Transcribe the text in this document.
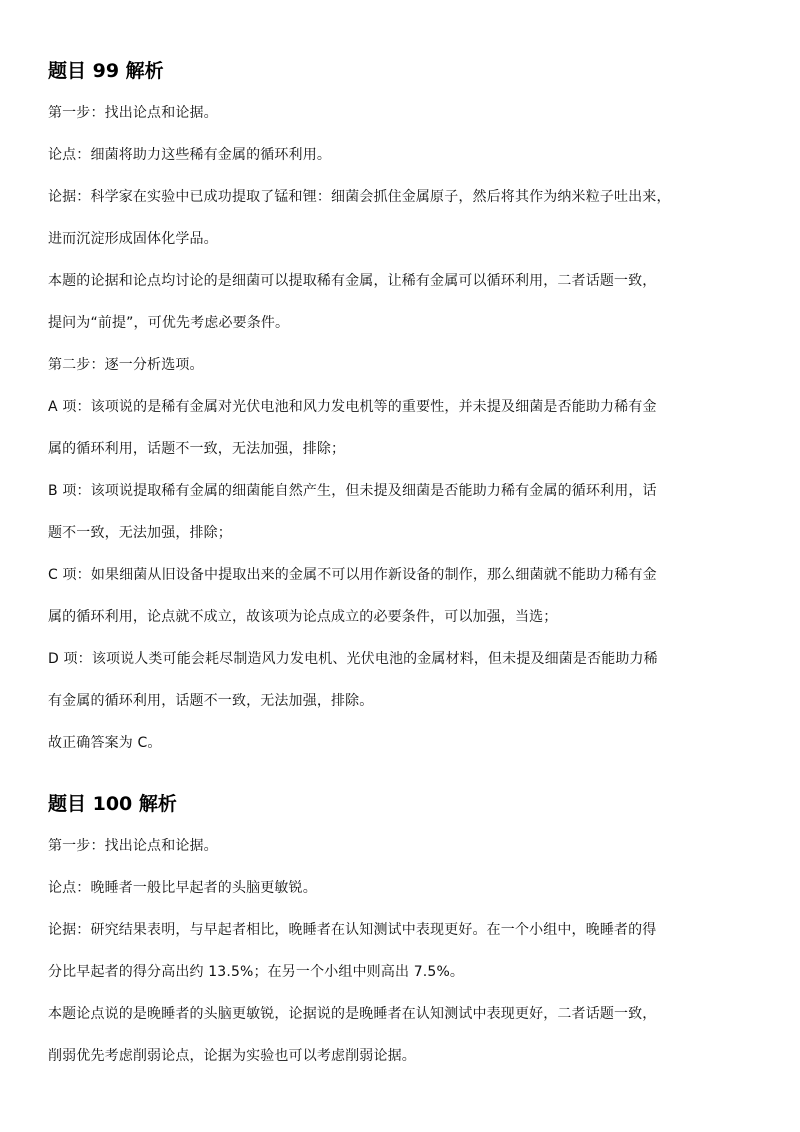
题目 99 解析
第一步：找出论点和论据。
论点：细菌将助力这些稀有金属的循环利用。
论据：科学家在实验中已成功提取了锰和锂：细菌会抓住金属原子，然后将其作为纳米粒子吐出来，
进而沉淀形成固体化学品。
本题的论据和论点均讨论的是细菌可以提取稀有金属，让稀有金属可以循环利用，二者话题一致，
提问为“前提”，可优先考虑必要条件。
第二步：逐一分析选项。
A 项：该项说的是稀有金属对光伏电池和风力发电机等的重要性，并未提及细菌是否能助力稀有金
属的循环利用，话题不一致，无法加强，排除；
B 项：该项说提取稀有金属的细菌能自然产生，但未提及细菌是否能助力稀有金属的循环利用，话
题不一致，无法加强，排除；
C 项：如果细菌从旧设备中提取出来的金属不可以用作新设备的制作，那么细菌就不能助力稀有金
属的循环利用，论点就不成立，故该项为论点成立的必要条件，可以加强，当选；
D 项：该项说人类可能会耗尽制造风力发电机、光伏电池的金属材料，但未提及细菌是否能助力稀
有金属的循环利用，话题不一致，无法加强，排除。
故正确答案为 C。
题目 100 解析
第一步：找出论点和论据。
论点：晚睡者一般比早起者的头脑更敏锐。
论据：研究结果表明，与早起者相比，晚睡者在认知测试中表现更好。在一个小组中，晚睡者的得
分比早起者的得分高出约 13.5%；在另一个小组中则高出 7.5%。
本题论点说的是晚睡者的头脑更敏锐，论据说的是晚睡者在认知测试中表现更好，二者话题一致，
削弱优先考虑削弱论点，论据为实验也可以考虑削弱论据。
